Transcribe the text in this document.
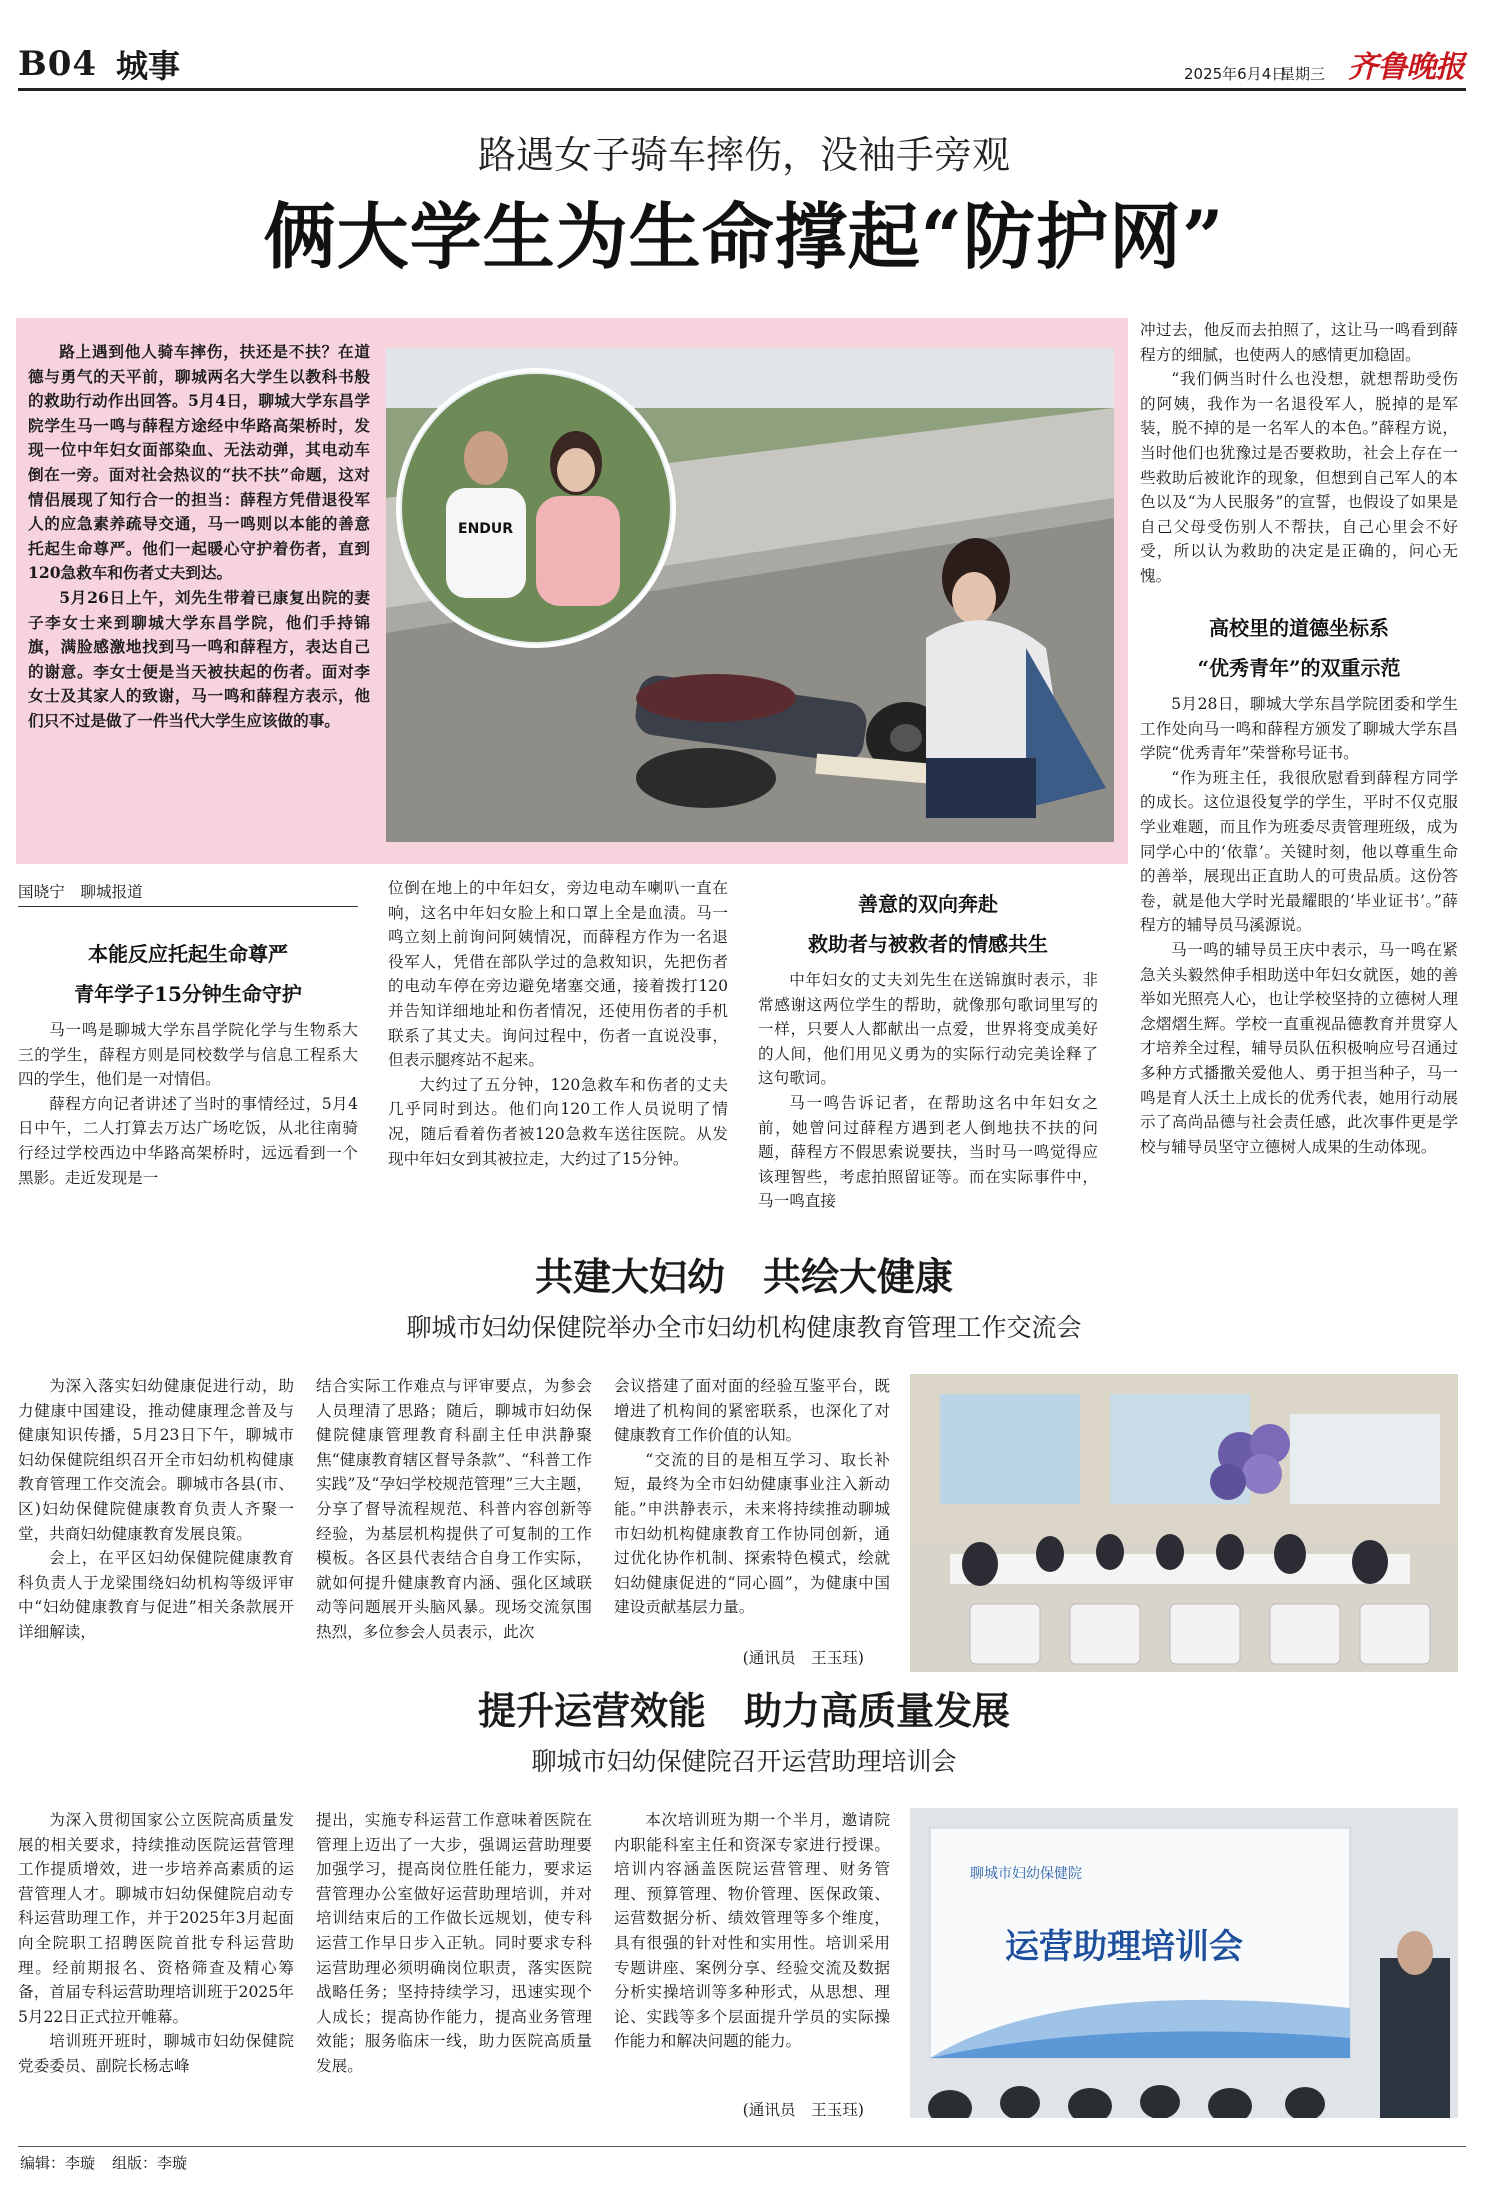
B04 城事	2025年6月4日
星期三 齐鲁晚报
路遇女子骑车摔伤，没袖手旁观
俩大学生为生命撑起“防护网”

路上遇到他人骑车摔伤，扶还是不扶？在道德与勇气的天平前，聊城两名大学生以教科书般的救助行动作出回答。5月4日，聊城大学东昌学院学生马一鸣与薛程方途经中华路高架桥时，发现一位中年妇女面部染血、无法动弹，其电动车倒在一旁。面对社会热议的“扶不扶”命题，这对情侣展现了知行合一的担当：薛程方凭借退役军人的应急素养疏导交通，马一鸣则以本能的善意托起生命尊严。他们一起暖心守护着伤者，直到120急救车和伤者丈夫到达。

5月26日上午，刘先生带着已康复出院的妻子李女士来到聊城大学东昌学院，他们手持锦旗，满脸感激地找到马一鸣和薛程方，表达自己的谢意。李女士便是当天被扶起的伤者。面对李女士及其家人的致谢，马一鸣和薛程方表示，他们只不过是做了一件当代大学生应该做的事。

ENDUR

冲过去，他反而去拍照了，这让马一鸣看到薛程方的细腻，也使两人的感情更加稳固。

“我们俩当时什么也没想，就想帮助受伤的阿姨，我作为一名退役军人，脱掉的是军装，脱不掉的是一名军人的本色。”薛程方说，当时他们也犹豫过是否要救助，社会上存在一些救助后被讹诈的现象，但想到自己军人的本色以及“为人民服务”的宣誓，也假设了如果是自己父母受伤别人不帮扶，自己心里会不好受，所以认为救助的决定是正确的，问心无愧。

高校里的道德坐标系
“优秀青年”的双重示范

5月28日，聊城大学东昌学院团委和学生工作处向马一鸣和薛程方颁发了聊城大学东昌学院“优秀青年”荣誉称号证书。

“作为班主任，我很欣慰看到薛程方同学的成长。这位退役复学的学生，平时不仅克服学业难题，而且作为班委尽责管理班级，成为同学心中的‘依靠’。关键时刻，他以尊重生命的善举，展现出正直助人的可贵品质。这份答卷，就是他大学时光最耀眼的‘毕业证书’。”薛程方的辅导员马溪源说。

马一鸣的辅导员王庆中表示，马一鸣在紧急关头毅然伸手相助送中年妇女就医，她的善举如光照亮人心，也让学校坚持的立德树人理念熠熠生辉。学校一直重视品德教育并贯穿人才培养全过程，辅导员队伍积极响应号召通过多种方式播撒关爱他人、勇于担当种子，马一鸣是育人沃土上成长的优秀代表，她用行动展示了高尚品德与社会责任感，此次事件更是学校与辅导员坚守立德树人成果的生动体现。

国晓宁　聊城报道
本能反应托起生命尊严
青年学子15分钟生命守护

马一鸣是聊城大学东昌学院化学与生物系大三的学生，薛程方则是同校数学与信息工程系大四的学生，他们是一对情侣。

薛程方向记者讲述了当时的事情经过，5月4日中午，二人打算去万达广场吃饭，从北往南骑行经过学校西边中华路高架桥时，远远看到一个黑影。走近发现是一

位倒在地上的中年妇女，旁边电动车喇叭一直在响，这名中年妇女脸上和口罩上全是血渍。马一鸣立刻上前询问阿姨情况，而薛程方作为一名退役军人，凭借在部队学过的急救知识，先把伤者的电动车停在旁边避免堵塞交通，接着拨打120并告知详细地址和伤者情况，还使用伤者的手机联系了其丈夫。询问过程中，伤者一直说没事，但表示腿疼站不起来。

大约过了五分钟，120急救车和伤者的丈夫几乎同时到达。他们向120工作人员说明了情况，随后看着伤者被120急救车送往医院。从发现中年妇女到其被拉走，大约过了15分钟。

善意的双向奔赴
救助者与被救者的情感共生

中年妇女的丈夫刘先生在送锦旗时表示，非常感谢这两位学生的帮助，就像那句歌词里写的一样，只要人人都献出一点爱，世界将变成美好的人间，他们用见义勇为的实际行动完美诠释了这句歌词。

马一鸣告诉记者，在帮助这名中年妇女之前，她曾问过薛程方遇到老人倒地扶不扶的问题，薛程方不假思索说要扶，当时马一鸣觉得应该理智些，考虑拍照留证等。而在实际事件中，马一鸣直接

共建大妇幼　共绘大健康
聊城市妇幼保健院举办全市妇幼机构健康教育管理工作交流会

为深入落实妇幼健康促进行动，助力健康中国建设，推动健康理念普及与健康知识传播，5月23日下午，聊城市妇幼保健院组织召开全市妇幼机构健康教育管理工作交流会。聊城市各县(市、区)妇幼保健院健康教育负责人齐聚一堂，共商妇幼健康教育发展良策。

会上，在平区妇幼保健院健康教育科负责人于龙梁围绕妇幼机构等级评审中“妇幼健康教育与促进”相关条款展开详细解读，

结合实际工作难点与评审要点，为参会人员理清了思路；随后，聊城市妇幼保健院健康管理教育科副主任申洪静聚焦“健康教育辖区督导条款”、“科普工作实践”及“孕妇学校规范管理”三大主题，分享了督导流程规范、科普内容创新等经验，为基层机构提供了可复制的工作模板。各区县代表结合自身工作实际，就如何提升健康教育内涵、强化区域联动等问题展开头脑风暴。现场交流氛围热烈，多位参会人员表示，此次

会议搭建了面对面的经验互鉴平台，既增进了机构间的紧密联系，也深化了对健康教育工作价值的认知。

“交流的目的是相互学习、取长补短，最终为全市妇幼健康事业注入新动能。”申洪静表示，未来将持续推动聊城市妇幼机构健康教育工作协同创新，通过优化协作机制、探索特色模式，绘就妇幼健康促进的“同心圆”，为健康中国建设贡献基层力量。

(通讯员　王玉珏)
提升运营效能　助力高质量发展
聊城市妇幼保健院召开运营助理培训会

为深入贯彻国家公立医院高质量发展的相关要求，持续推动医院运营管理工作提质增效，进一步培养高素质的运营管理人才。聊城市妇幼保健院启动专科运营助理工作，并于2025年3月起面向全院职工招聘医院首批专科运营助理。经前期报名、资格筛查及精心筹备，首届专科运营助理培训班于2025年5月22日正式拉开帷幕。

培训班开班时，聊城市妇幼保健院党委委员、副院长杨志峰

提出，实施专科运营工作意味着医院在管理上迈出了一大步，强调运营助理要加强学习，提高岗位胜任能力，要求运营管理办公室做好运营助理培训，并对培训结束后的工作做长远规划，使专科运营工作早日步入正轨。同时要求专科运营助理必须明确岗位职责，落实医院战略任务；坚持持续学习，迅速实现个人成长；提高协作能力，提高业务管理效能；服务临床一线，助力医院高质量发展。

本次培训班为期一个半月，邀请院内职能科室主任和资深专家进行授课。培训内容涵盖医院运营管理、财务管理、预算管理、物价管理、医保政策、运营数据分析、绩效管理等多个维度，具有很强的针对性和实用性。培训采用专题讲座、案例分享、经验交流及数据分析实操培训等多种形式，从思想、理论、实践等多个层面提升学员的实际操作能力和解决问题的能力。

(通讯员　王玉珏)
聊城市妇幼保健院
运营助理培训会
编辑：李璇 组版：李璇
